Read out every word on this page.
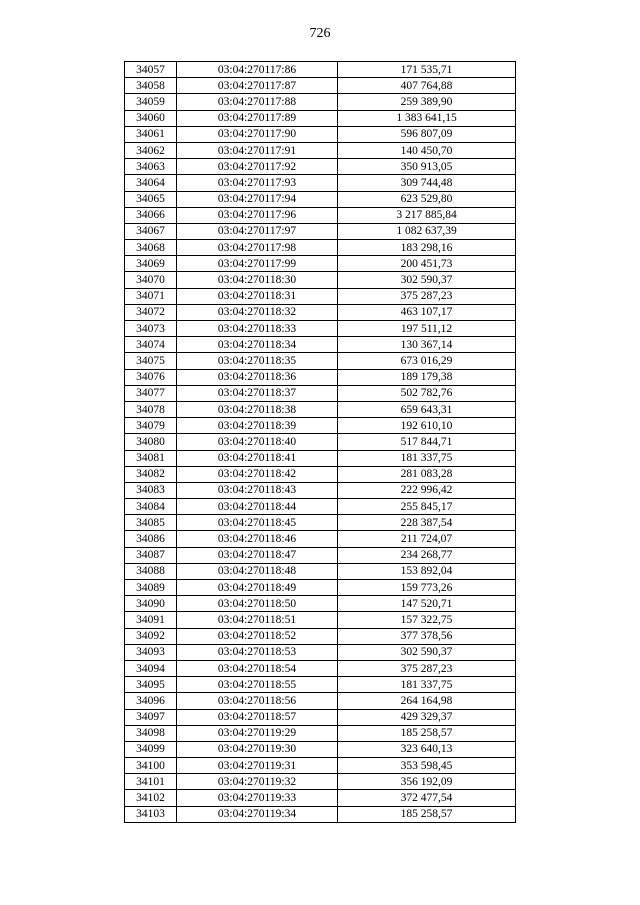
726
34057	03:04:270117:86	171 535,71
34058	03:04:270117:87	407 764,88
34059	03:04:270117:88	259 389,90
34060	03:04:270117:89	1 383 641,15
34061	03:04:270117:90	596 807,09
34062	03:04:270117:91	140 450,70
34063	03:04:270117:92	350 913,05
34064	03:04:270117:93	309 744,48
34065	03:04:270117:94	623 529,80
34066	03:04:270117:96	3 217 885,84
34067	03:04:270117:97	1 082 637,39
34068	03:04:270117:98	183 298,16
34069	03:04:270117:99	200 451,73
34070	03:04:270118:30	302 590,37
34071	03:04:270118:31	375 287,23
34072	03:04:270118:32	463 107,17
34073	03:04:270118:33	197 511,12
34074	03:04:270118:34	130 367,14
34075	03:04:270118:35	673 016,29
34076	03:04:270118:36	189 179,38
34077	03:04:270118:37	502 782,76
34078	03:04:270118:38	659 643,31
34079	03:04:270118:39	192 610,10
34080	03:04:270118:40	517 844,71
34081	03:04:270118:41	181 337,75
34082	03:04:270118:42	281 083,28
34083	03:04:270118:43	222 996,42
34084	03:04:270118:44	255 845,17
34085	03:04:270118:45	228 387,54
34086	03:04:270118:46	211 724,07
34087	03:04:270118:47	234 268,77
34088	03:04:270118:48	153 892,04
34089	03:04:270118:49	159 773,26
34090	03:04:270118:50	147 520,71
34091	03:04:270118:51	157 322,75
34092	03:04:270118:52	377 378,56
34093	03:04:270118:53	302 590,37
34094	03:04:270118:54	375 287,23
34095	03:04:270118:55	181 337,75
34096	03:04:270118:56	264 164,98
34097	03:04:270118:57	429 329,37
34098	03:04:270119:29	185 258,57
34099	03:04:270119:30	323 640,13
34100	03:04:270119:31	353 598,45
34101	03:04:270119:32	356 192,09
34102	03:04:270119:33	372 477,54
34103	03:04:270119:34	185 258,57
